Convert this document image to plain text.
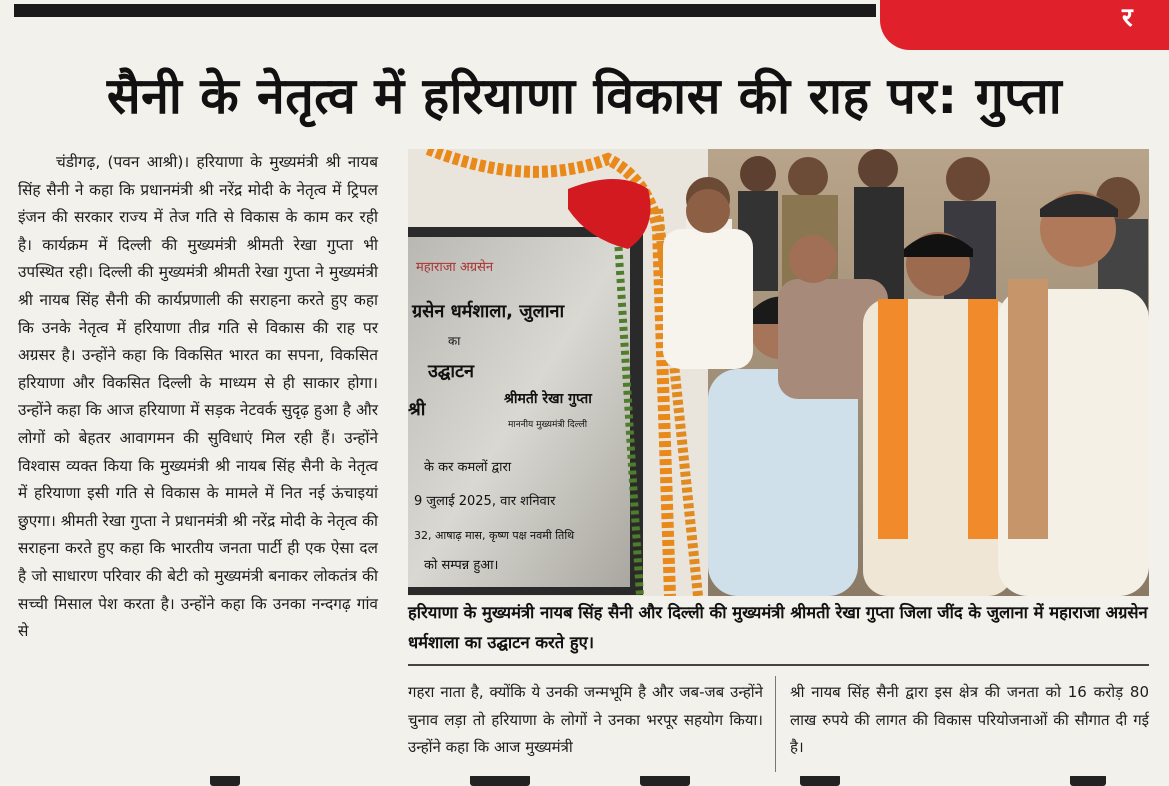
र
सैनी के नेतृत्व में हरियाणा विकास की राह पर: गुप्ता

चंडीगढ़, (पवन आश्री)। हरियाणा के मुख्यमंत्री श्री नायब सिंह सैनी ने कहा कि प्रधानमंत्री श्री नरेंद्र मोदी के नेतृत्व में ट्रिपल इंजन की सरकार राज्य में तेज गति से विकास के काम कर रही है। कार्यक्रम में दिल्ली की मुख्यमंत्री श्रीमती रेखा गुप्ता भी उपस्थित रही। दिल्ली की मुख्यमंत्री श्रीमती रेखा गुप्ता ने मुख्यमंत्री श्री नायब सिंह सैनी की कार्यप्रणाली की सराहना करते हुए कहा कि उनके नेतृत्व में हरियाणा तीव्र गति से विकास की राह पर अग्रसर है। उन्होंने कहा कि विकसित भारत का सपना, विकसित हरियाणा और विकसित दिल्ली के माध्यम से ही साकार होगा। उन्होंने कहा कि आज हरियाणा में सड़क नेटवर्क सुदृढ़ हुआ है और लोगों को बेहतर आवागमन की सुविधाएं मिल रही हैं। उन्होंने विश्वास व्यक्त किया कि मुख्यमंत्री श्री नायब सिंह सैनी के नेतृत्व में हरियाणा इसी गति से विकास के मामले में नित नई ऊंचाइयां छुएगा। श्रीमती रेखा गुप्ता ने प्रधानमंत्री श्री नरेंद्र मोदी के नेतृत्व की सराहना करते हुए कहा कि भारतीय जनता पार्टी ही एक ऐसा दल है जो साधारण परिवार की बेटी को मुख्यमंत्री बनाकर लोकतंत्र की सच्ची मिसाल पेश करता है। उन्होंने कहा कि उनका नन्दगढ़ गांव से

महाराजा अग्रसेन
ग्रसेन धर्मशाला, जुलाना
का
उद्घाटन
श्री	श्रीमती रेखा गुप्ता
माननीय मुख्यमंत्री दिल्ली
के कर कमलों द्वारा
9 जुलाई 2025, वार शनिवार
32, आषाढ़ मास, कृष्ण पक्ष नवमी तिथि
को सम्पन्न हुआ।
हरियाणा के मुख्यमंत्री नायब सिंह सैनी और दिल्ली की मुख्यमंत्री श्रीमती रेखा गुप्ता जिला जींद के जुलाना में महाराजा अग्रसेन धर्मशाला का उद्घाटन करते हुए।
गहरा नाता है, क्योंकि ये उनकी जन्मभूमि है और जब-जब उन्होंने चुनाव लड़ा तो हरियाणा के लोगों ने उनका भरपूर सहयोग किया। उन्होंने कहा कि आज मुख्यमंत्री
श्री नायब सिंह सैनी द्वारा इस क्षेत्र की जनता को 16 करोड़ 80 लाख रुपये की लागत की विकास परियोजनाओं की सौगात दी गई है।
